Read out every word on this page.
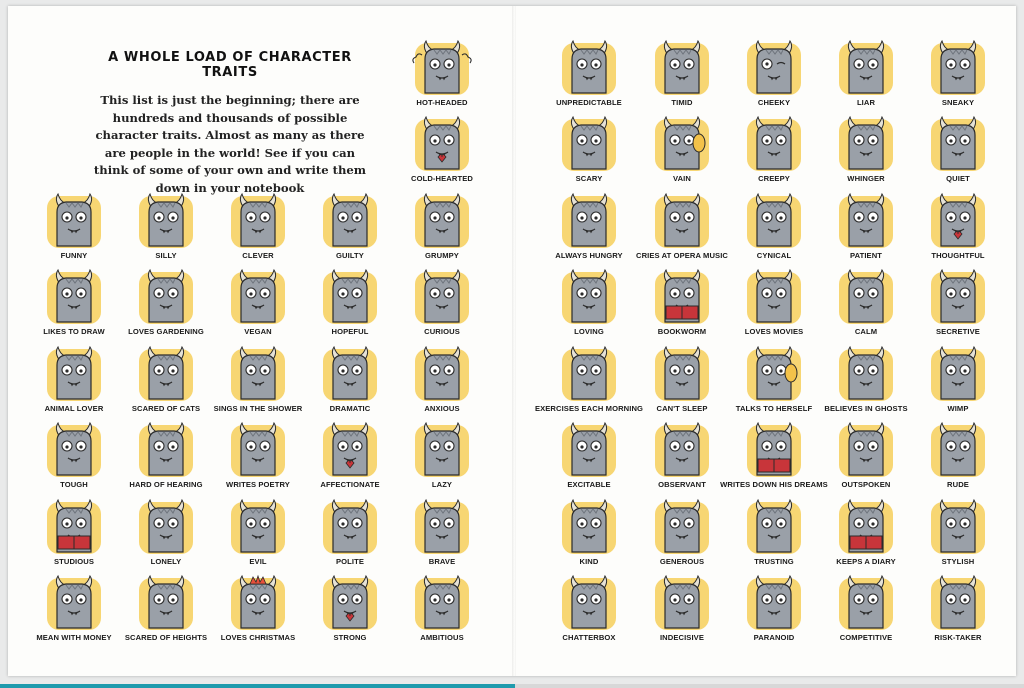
A WHOLE LOAD OF CHARACTER TRAITS

This list is just the beginning; there are hundreds and thousands of possible character traits. Almost as many as there are people in the world! See if you can think of some of your own and write them down in your notebook

HOT-HEADED	UNPREDICTABLE	TIMID	CHEEKY	LIAR	SNEAKY
COLD-HEARTED	SCARY	VAIN	CREEPY	WHINGER	QUIET
FUNNY	SILLY	CLEVER	GUILTY	GRUMPY	ALWAYS HUNGRY	CRIES AT OPERA MUSIC	CYNICAL	PATIENT	THOUGHTFUL
LIKES TO DRAW	LOVES GARDENING	VEGAN	HOPEFUL	CURIOUS	LOVING	BOOKWORM	LOVES MOVIES	CALM	SECRETIVE
ANIMAL LOVER	SCARED OF CATS	SINGS IN THE SHOWER	DRAMATIC	ANXIOUS	EXERCISES EACH MORNING	CAN'T SLEEP	TALKS TO HERSELF	BELIEVES IN GHOSTS	WIMP
TOUGH	HARD OF HEARING	WRITES POETRY	AFFECTIONATE	LAZY	EXCITABLE	OBSERVANT	WRITES DOWN HIS DREAMS	OUTSPOKEN	RUDE
STUDIOUS	LONELY	EVIL	POLITE	BRAVE	KIND	GENEROUS	TRUSTING	KEEPS A DIARY	STYLISH
MEAN WITH MONEY	SCARED OF HEIGHTS	LOVES CHRISTMAS	STRONG	AMBITIOUS	CHATTERBOX	INDECISIVE	PARANOID	COMPETITIVE	RISK-TAKER
